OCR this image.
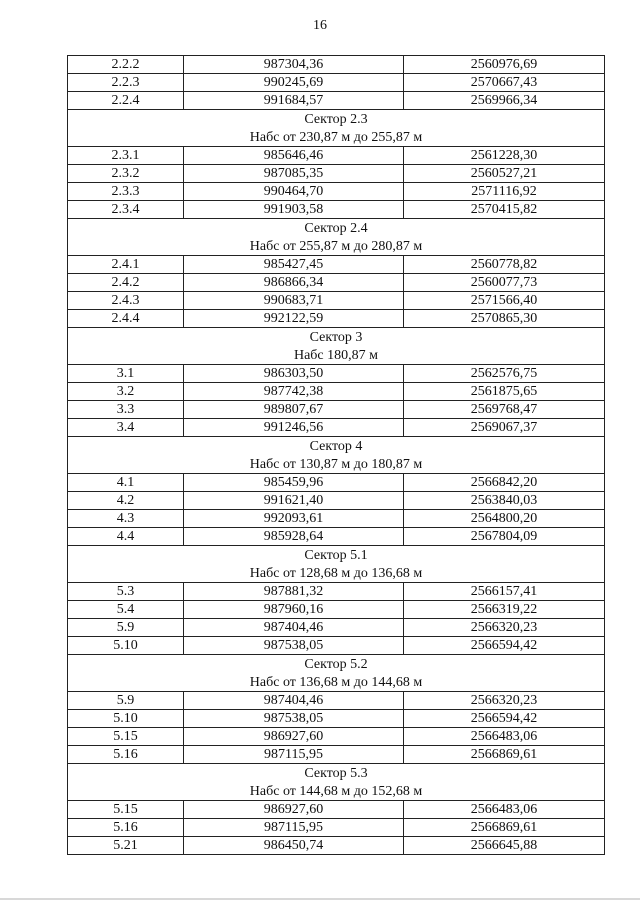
16
2.2.2	987304,36	2560976,69
2.2.3	990245,69	2570667,43
2.2.4	991684,57	2569966,34
Сектор 2.3		
Набс от 230,87 м до 255,87 м		
2.3.1	985646,46	2561228,30
2.3.2	987085,35	2560527,21
2.3.3	990464,70	2571116,92
2.3.4	991903,58	2570415,82
Сектор 2.4		
Набс от 255,87 м до 280,87 м		
2.4.1	985427,45	2560778,82
2.4.2	986866,34	2560077,73
2.4.3	990683,71	2571566,40
2.4.4	992122,59	2570865,30
Сектор 3		
Набс 180,87 м		
3.1	986303,50	2562576,75
3.2	987742,38	2561875,65
3.3	989807,67	2569768,47
3.4	991246,56	2569067,37
Сектор 4		
Набс от 130,87 м до 180,87 м		
4.1	985459,96	2566842,20
4.2	991621,40	2563840,03
4.3	992093,61	2564800,20
4.4	985928,64	2567804,09
Сектор 5.1		
Набс от 128,68 м до 136,68 м		
5.3	987881,32	2566157,41
5.4	987960,16	2566319,22
5.9	987404,46	2566320,23
5.10	987538,05	2566594,42
Сектор 5.2		
Набс от 136,68 м до 144,68 м		
5.9	987404,46	2566320,23
5.10	987538,05	2566594,42
5.15	986927,60	2566483,06
5.16	987115,95	2566869,61
Сектор 5.3		
Набс от 144,68 м до 152,68 м		
5.15	986927,60	2566483,06
5.16	987115,95	2566869,61
5.21	986450,74	2566645,88
